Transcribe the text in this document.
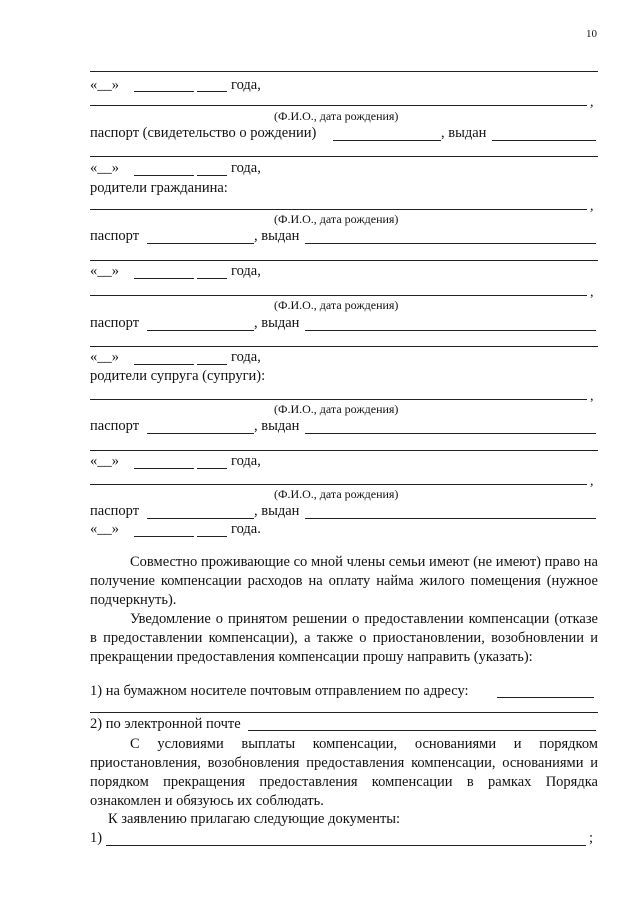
10
«__»	года,
,
(Ф.И.О., дата рождения)
паспорт (свидетельство о рождении)	, выдан
«__»	года,
родители гражданина:
,
(Ф.И.О., дата рождения)
паспорт	, выдан
«__»	года,
,
(Ф.И.О., дата рождения)
паспорт	, выдан
«__»	года,
родители супруга (супруги):
,
(Ф.И.О., дата рождения)
паспорт	, выдан
«__»	года,
,
(Ф.И.О., дата рождения)
паспорт	, выдан
«__»	года.
Совместно проживающие со мной члены семьи имеют (не имеют) право на получение компенсации расходов на оплату найма жилого помещения (нужное подчеркнуть).
Уведомление о принятом решении о предоставлении компенсации (отказе в предоставлении компенсации), а также о приостановлении, возобновлении и прекращении предоставления компенсации прошу направить (указать):
1) на бумажном носителе почтовым отправлением по адресу:
2) по электронной почте
С условиями выплаты компенсации, основаниями и порядком приостановления, возобновления предоставления компенсации, основаниями и порядком прекращения предоставления компенсации в рамках Порядка ознакомлен и обязуюсь их соблюдать.
К заявлению прилагаю следующие документы:
1)	;
